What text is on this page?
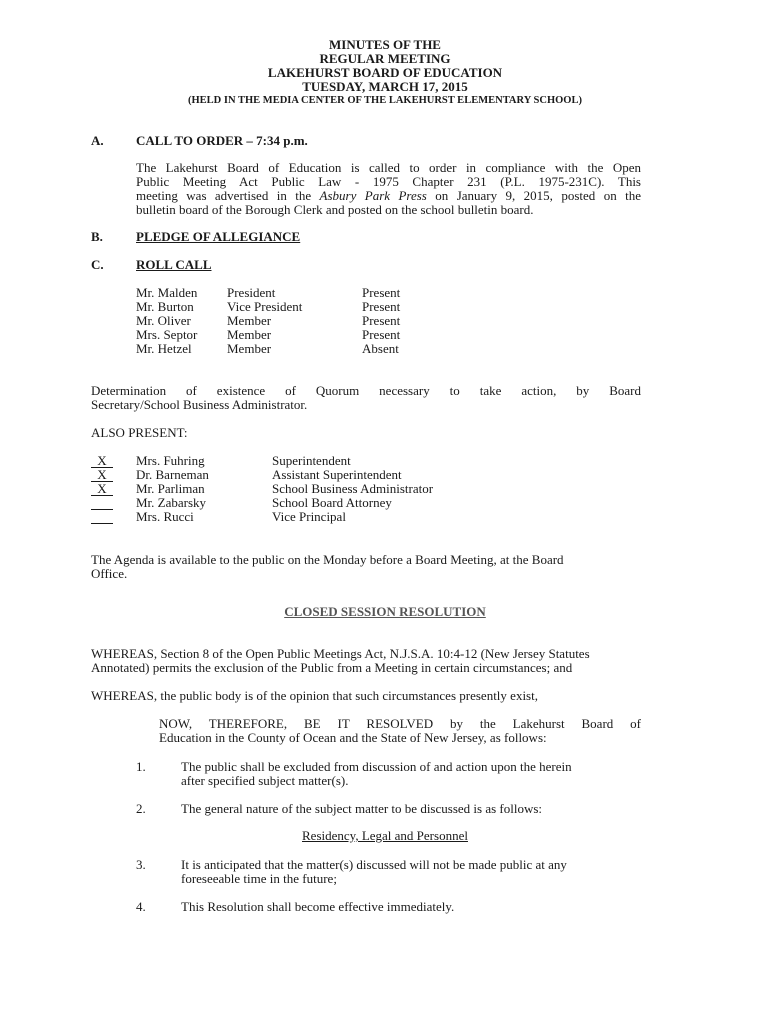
MINUTES OF THE

REGULAR MEETING

LAKEHURST BOARD OF EDUCATION

TUESDAY, MARCH 17, 2015

(HELD IN THE MEDIA CENTER OF THE LAKEHURST ELEMENTARY SCHOOL)

A. CALL TO ORDER – 7:34 p.m.

The Lakehurst Board of Education is called to order in compliance with the Open

Public Meeting Act Public Law - 1975 Chapter 231 (P.L. 1975-231C). This

meeting was advertised in the Asbury Park Press on January 9, 2015, posted on the

bulletin board of the Borough Clerk and posted on the school bulletin board.

B.	PLEDGE OF ALLEGIANCE

C. ROLL CALL

Mr. Malden President	Present
Mr. Burton	Vice President	Present
Mr. Oliver	Member	Present
Mrs. Septor Member	Present
Mr. Hetzel	Member	Absent

Determination of existence of Quorum necessary to take action, by Board

Secretary/School Business Administrator.

ALSO PRESENT:

X	Mrs. Fuhring	Superintendent
X	Dr. Barneman	Assistant Superintendent
X	Mr. Parliman	School Business Administrator
Mr. Zabarsky	School Board Attorney
Mrs. Rucci	Vice Principal

The Agenda is available to the public on the Monday before a Board Meeting, at the Board

Office.

CLOSED SESSION RESOLUTION

WHEREAS, Section 8 of the Open Public Meetings Act, N.J.S.A. 10:4-12 (New Jersey Statutes

Annotated) permits the exclusion of the Public from a Meeting in certain circumstances; and

WHEREAS, the public body is of the opinion that such circumstances presently exist,

NOW, THEREFORE, BE IT RESOLVED by the Lakehurst Board of

Education in the County of Ocean and the State of New Jersey, as follows:

1.	The public shall be excluded from discussion of and action upon the herein

after specified subject matter(s).

2.	The general nature of the subject matter to be discussed is as follows:

Residency, Legal and Personnel

3.	It is anticipated that the matter(s) discussed will not be made public at any

foreseeable time in the future;

4.	This Resolution shall become effective immediately.
